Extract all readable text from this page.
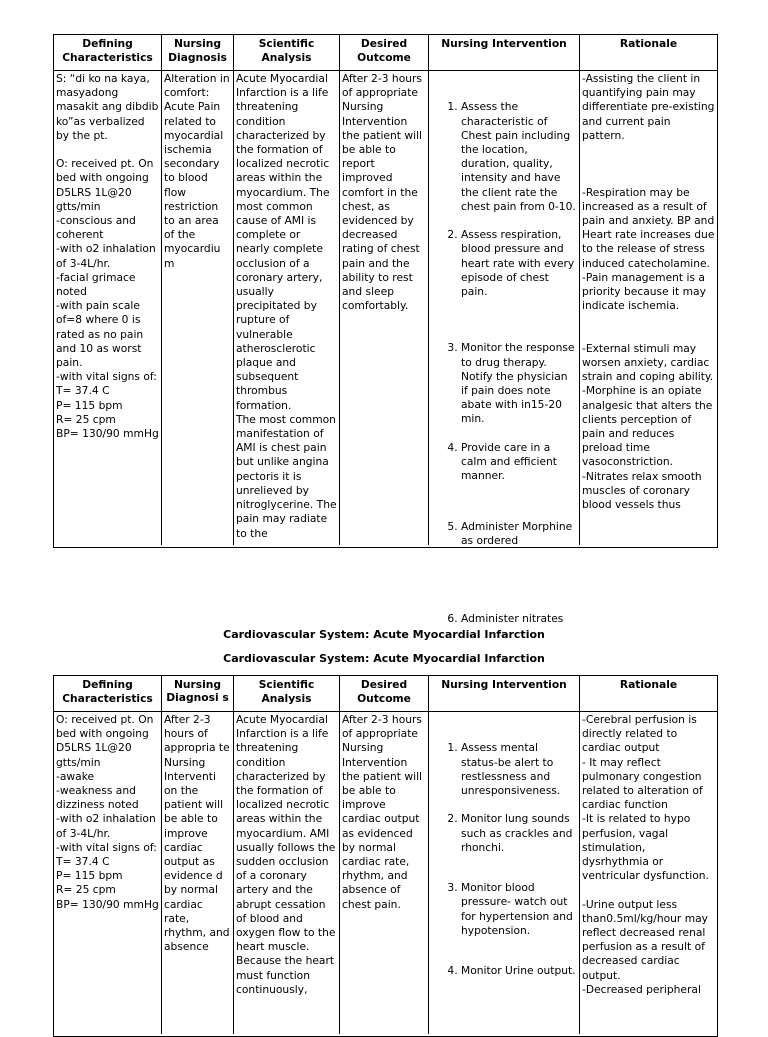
Defining Characteristics
Nursing Diagnosis
Scientific Analysis
Desired Outcome
Nursing Intervention	Rationale
S: “di ko na kaya, masyadong masakit ang dibdib ko”as verbalized by the pt.

O: received pt. On bed with ongoing D5LRS 1L@20 gtts/min
-conscious and coherent
-with o2 inhalation of 3-4L/hr.
-facial grimace noted
-with pain scale of=8 where 0 is rated as no pain and 10 as worst pain.
-with vital signs of:
T= 37.4 C
P= 115 bpm
R= 25 cpm
BP= 130/90 mmHg
Alteration in comfort: Acute Pain related to myocardial ischemia secondary to blood flow restriction to an area of the myocardiu m
Acute Myocardial Infarction is a life threatening condition characterized by the formation of localized necrotic areas within the myocardium. The most common cause of AMI is complete or nearly complete occlusion of a coronary artery, usually precipitated by rupture of vulnerable atherosclerotic plaque and subsequent thrombus formation.
The most common manifestation of AMI is chest pain but unlike angina pectoris it is unrelieved by nitroglycerine. The pain may radiate to the
After 2-3 hours of appropriate Nursing Intervention the patient will be able to report improved comfort in the chest, as evidenced by decreased rating of chest pain and the ability to rest and sleep comfortably.

1. Assess the characteristic of Chest pain including the location, duration, quality, intensity and have the client rate the chest pain from 0-10.

2. Assess respiration, blood pressure and heart rate with every episode of chest pain.

3. Monitor the response to drug therapy. Notify the physician if pain does note abate with in15-20 min.

4. Provide care in a calm and efficient manner.

5. Administer Morphine as ordered

6. Administer nitrates

-Assisting the client in quantifying pain may differentiate pre-existing and current pain pattern.

-Respiration may be increased as a result of pain and anxiety. BP and Heart rate increases due to the release of stress induced catecholamine.
-Pain management is a priority because it may indicate ischemia.

-External stimuli may worsen anxiety, cardiac strain and coping ability.
-Morphine is an opiate analgesic that alters the clients perception of pain and reduces preload time vasoconstriction.
-Nitrates relax smooth muscles of coronary blood vessels thus
Cardiovascular System: Acute Myocardial Infarction
Cardiovascular System: Acute Myocardial Infarction
Defining Characteristics
Nursing Diagnosi s
Scientific Analysis
Desired Outcome
Nursing Intervention	Rationale
O: received pt. On bed with ongoing D5LRS 1L@20 gtts/min
-awake
-weakness and dizziness noted
-with o2 inhalation of 3-4L/hr.
-with vital signs of:
T= 37.4 C
P= 115 bpm
R= 25 cpm
BP= 130/90 mmHg
After 2-3 hours of appropria te Nursing Interventi on the patient will be able to improve cardiac output as evidence d by normal cardiac rate, rhythm, and absence
Acute Myocardial Infarction is a life threatening condition characterized by the formation of localized necrotic areas within the myocardium. AMI usually follows the sudden occlusion of a coronary artery and the abrupt cessation of blood and oxygen flow to the heart muscle.
Because the heart must function continuously,
After 2-3 hours of appropriate Nursing Intervention the patient will be able to improve cardiac output as evidenced by normal cardiac rate, rhythm, and absence of chest pain.

1. Assess mental status-be alert to restlessness and unresponsiveness.

2. Monitor lung sounds such as crackles and rhonchi.

3. Monitor blood pressure- watch out for hypertension and hypotension.

4. Monitor Urine output.

-Cerebral perfusion is directly related to cardiac output
- It may reflect pulmonary congestion related to alteration of cardiac function
-It is related to hypo perfusion, vagal stimulation, dysrhythmia or ventricular dysfunction.

-Urine output less than0.5ml/kg/hour may reflect decreased renal perfusion as a result of decreased cardiac output.
-Decreased peripheral
